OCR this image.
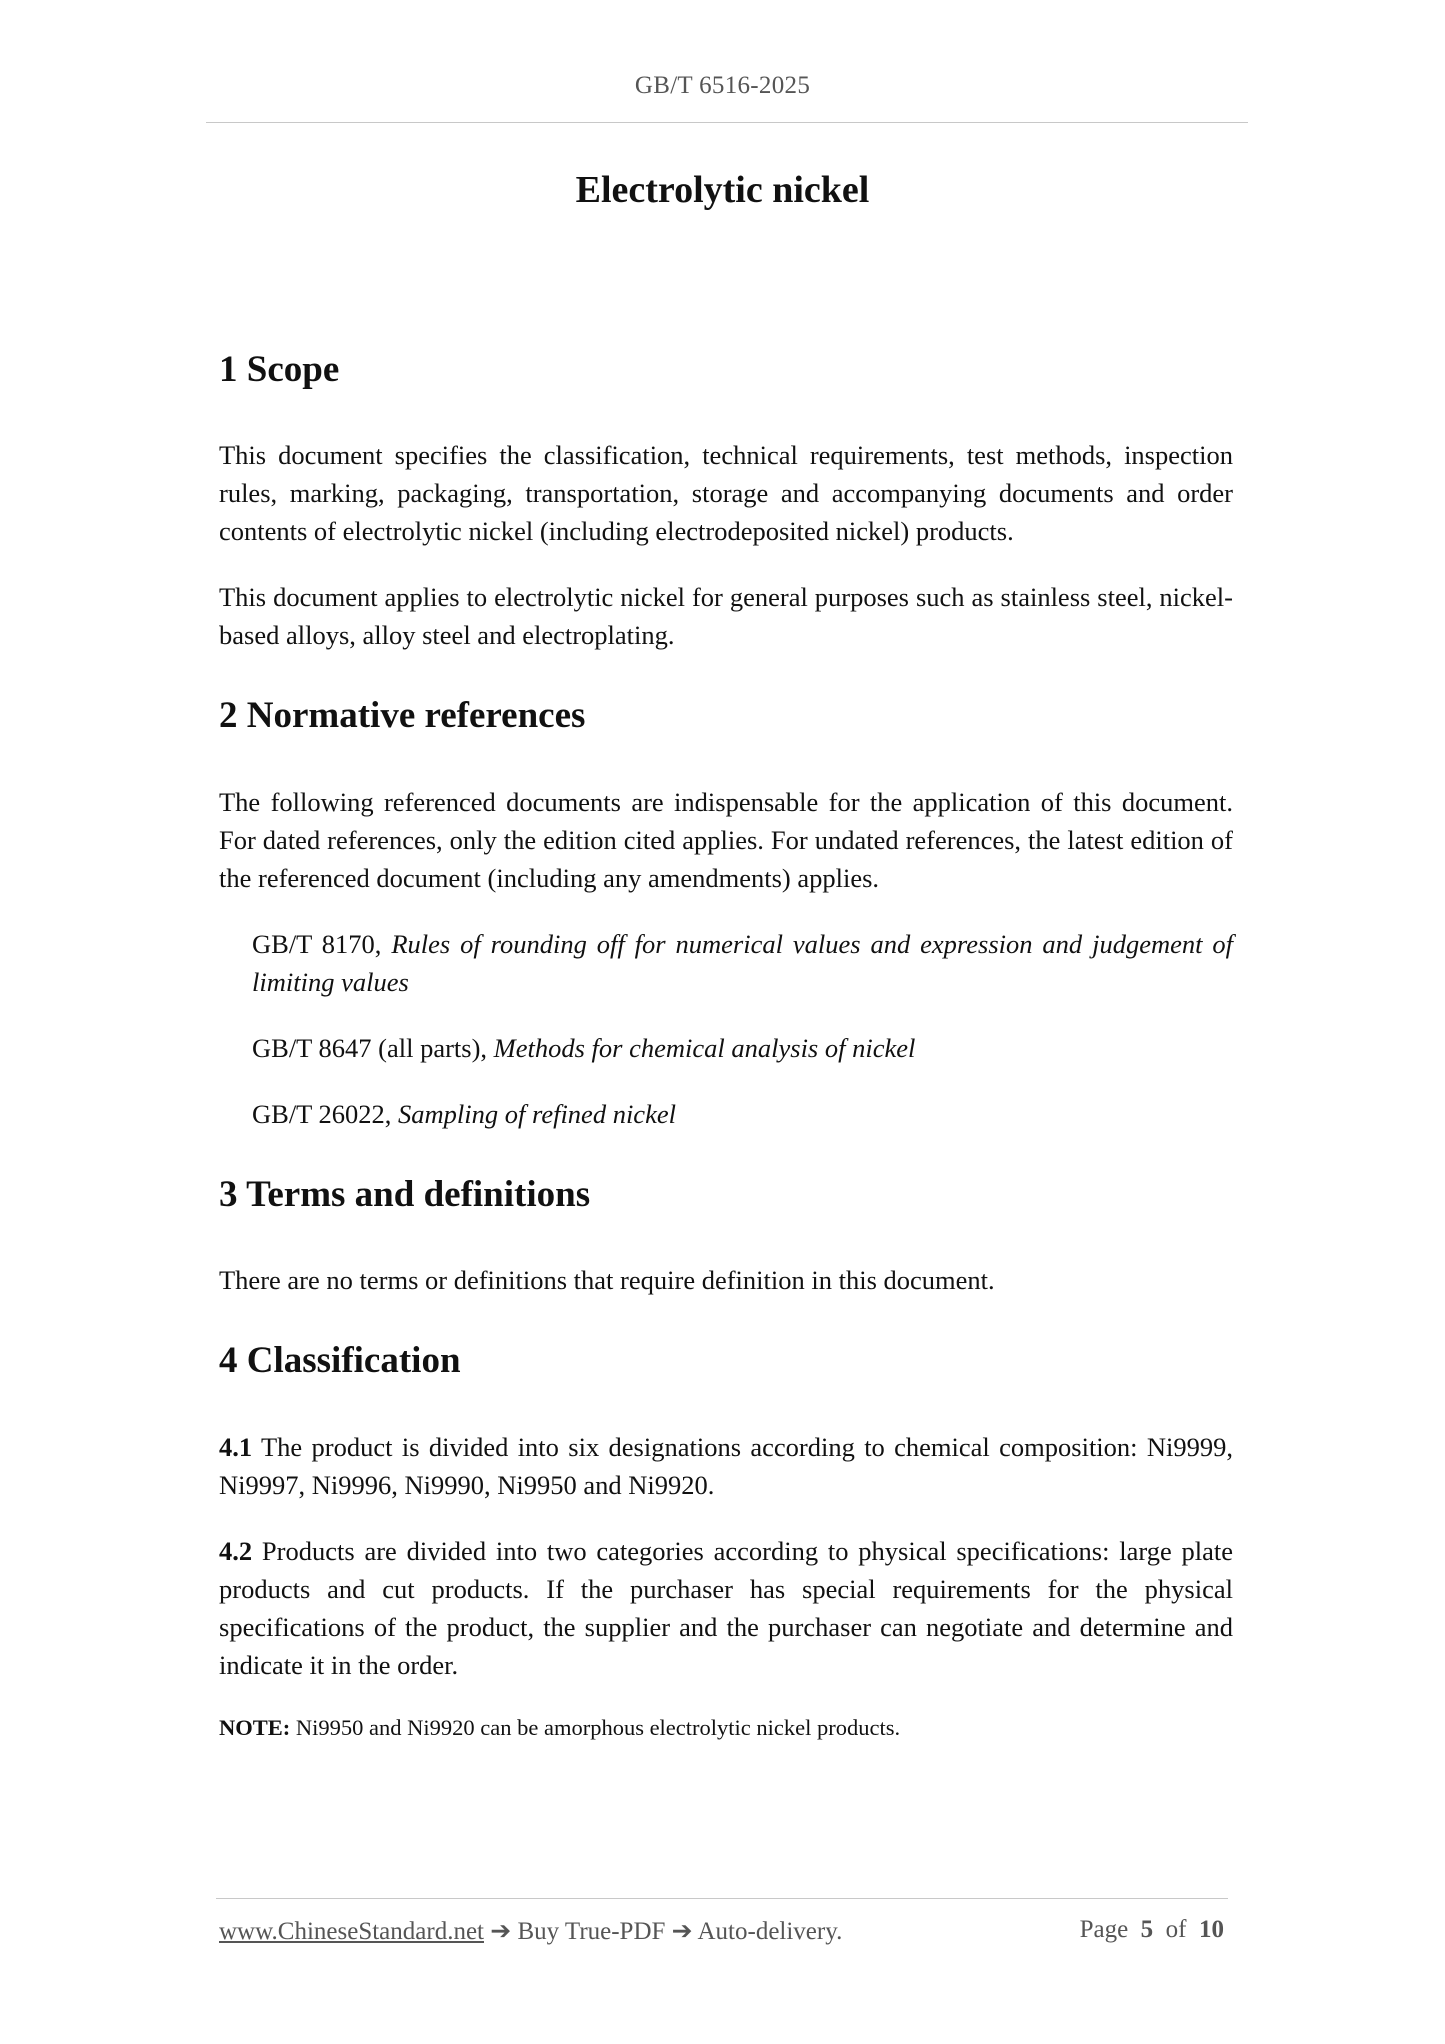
GB/T 6516-2025
Electrolytic nickel
1 Scope

This document specifies the classification, technical requirements, test methods, inspection rules, marking, packaging, transportation, storage and accompanying documents and order contents of electrolytic nickel (including electrodeposited nickel) products.

This document applies to electrolytic nickel for general purposes such as stainless steel, nickel-based alloys, alloy steel and electroplating.

2 Normative references

The following referenced documents are indispensable for the application of this document. For dated references, only the edition cited applies. For undated references, the latest edition of the referenced document (including any amendments) applies.

GB/T 8170, Rules of rounding off for numerical values and expression and judgement of limiting values
GB/T 8647 (all parts), Methods for chemical analysis of nickel
GB/T 26022, Sampling of refined nickel
3 Terms and definitions

There are no terms or definitions that require definition in this document.

4 Classification

4.1 The product is divided into six designations according to chemical composition: Ni9999, Ni9997, Ni9996, Ni9990, Ni9950 and Ni9920.

4.2 Products are divided into two categories according to physical specifications: large plate products and cut products. If the purchaser has special requirements for the physical specifications of the product, the supplier and the purchaser can negotiate and determine and indicate it in the order.

NOTE: Ni9950 and Ni9920 can be amorphous electrolytic nickel products.

www.ChineseStandard.net ➔ Buy True-PDF ➔ Auto-delivery.	Page 5 of 10
